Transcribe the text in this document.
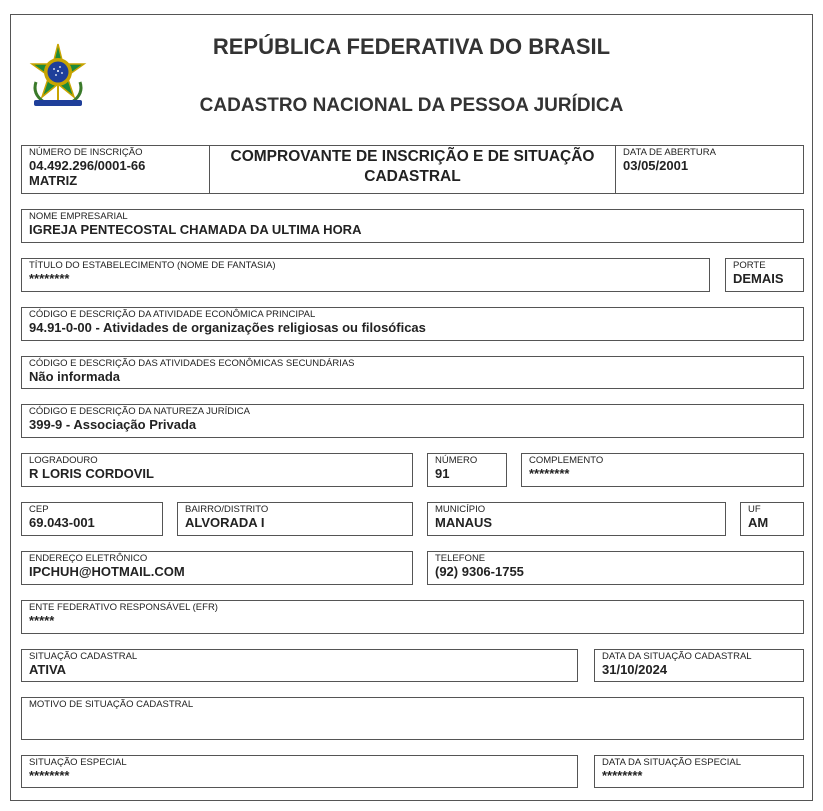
REPÚBLICA FEDERATIVA DO BRASIL
CADASTRO NACIONAL DA PESSOA JURÍDICA
NÚMERO DE INSCRIÇÃO
04.492.296/0001-66
MATRIZ
COMPROVANTE DE INSCRIÇÃO E DE SITUAÇÃO CADASTRAL
DATA DE ABERTURA
03/05/2001
NOME EMPRESARIAL
IGREJA PENTECOSTAL CHAMADA DA ULTIMA HORA
TÍTULO DO ESTABELECIMENTO (NOME DE FANTASIA)
********
PORTE
DEMAIS
CÓDIGO E DESCRIÇÃO DA ATIVIDADE ECONÔMICA PRINCIPAL
94.91-0-00 - Atividades de organizações religiosas ou filosóficas
CÓDIGO E DESCRIÇÃO DAS ATIVIDADES ECONÔMICAS SECUNDÁRIAS
Não informada
CÓDIGO E DESCRIÇÃO DA NATUREZA JURÍDICA
399-9 - Associação Privada
LOGRADOURO
R LORIS CORDOVIL
NÚMERO
91
COMPLEMENTO
********
CEP
69.043-001
BAIRRO/DISTRITO
ALVORADA I
MUNICÍPIO
MANAUS
UF
AM
ENDEREÇO ELETRÔNICO
IPCHUH@HOTMAIL.COM
TELEFONE
(92) 9306-1755
ENTE FEDERATIVO RESPONSÁVEL (EFR)
*****
SITUAÇÃO CADASTRAL
ATIVA
DATA DA SITUAÇÃO CADASTRAL
31/10/2024
MOTIVO DE SITUAÇÃO CADASTRAL
SITUAÇÃO ESPECIAL
********
DATA DA SITUAÇÃO ESPECIAL
********
